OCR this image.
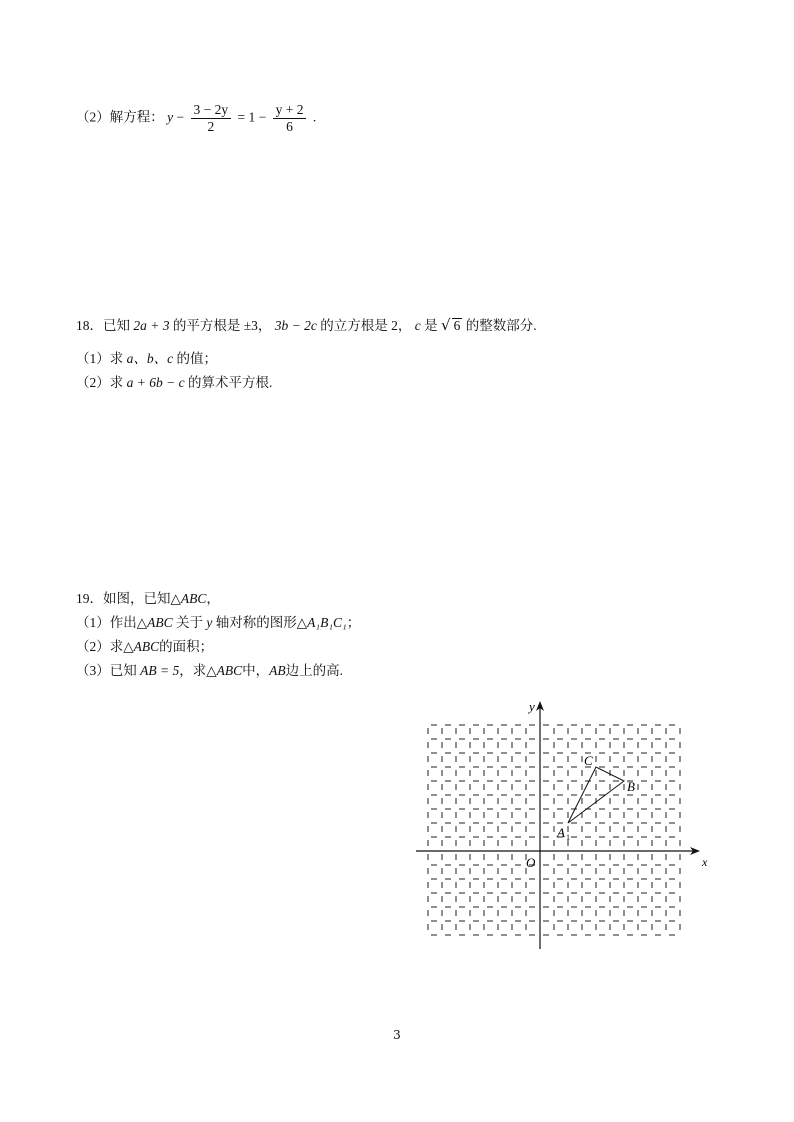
（2）解方程： $y - \frac{3 - 2y}{2} = 1 - \frac{y + 2}{6}$ .
18．已知 2a + 3 的平方根是 ±3， 3b − 2c 的立方根是 2， c 是 √ 6 的整数部分.
（1）求 a、b、c 的值；
（2）求 a + 6b − c 的算术平方根.
19．如图，已知△ABC，
（1）作出△ABC 关于 y 轴对称的图形△A₁B₁C₁；
（2）求△ABC的面积；
（3）已知 AB = 5，求△ABC中，AB边上的高.
y
x
O
A 1
B
C
3
